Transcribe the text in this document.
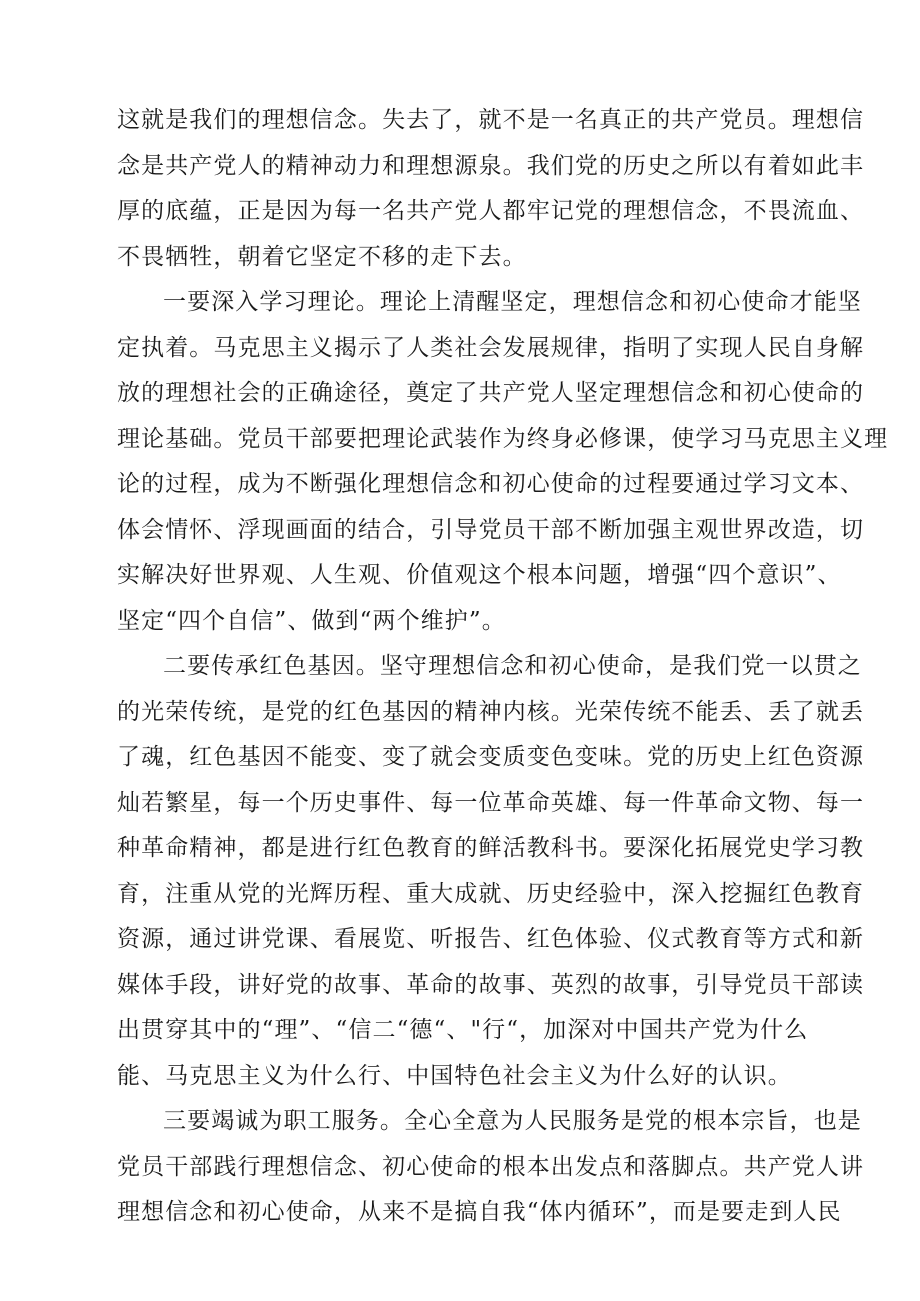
这就是我们的理想信念。失去了，就不是一名真正的共产党员。理想信
念是共产党人的精神动力和理想源泉。我们党的历史之所以有着如此丰
厚的底蕴，正是因为每一名共产党人都牢记党的理想信念，不畏流血、
不畏牺牲，朝着它坚定不移的走下去。
一要深入学习理论。理论上清醒坚定，理想信念和初心使命才能坚
定执着。马克思主义揭示了人类社会发展规律，指明了实现人民自身解
放的理想社会的正确途径，奠定了共产党人坚定理想信念和初心使命的
理论基础。党员干部要把理论武装作为终身必修课，使学习马克思主义理
论的过程，成为不断强化理想信念和初心使命的过程要通过学习文本、
体会情怀、浮现画面的结合，引导党员干部不断加强主观世界改造，切
实解决好世界观、人生观、价值观这个根本问题，增强“四个意识”、
坚定“四个自信”、做到“两个维护”。
二要传承红色基因。坚守理想信念和初心使命，是我们党一以贯之
的光荣传统，是党的红色基因的精神内核。光荣传统不能丢、丢了就丢
了魂，红色基因不能变、变了就会变质变色变味。党的历史上红色资源
灿若繁星，每一个历史事件、每一位革命英雄、每一件革命文物、每一
种革命精神，都是进行红色教育的鲜活教科书。要深化拓展党史学习教
育，注重从党的光辉历程、重大成就、历史经验中，深入挖掘红色教育
资源，通过讲党课、看展览、听报告、红色体验、仪式教育等方式和新
媒体手段，讲好党的故事、革命的故事、英烈的故事，引导党员干部读
出贯穿其中的“理”、“信二“德“、"行“，加深对中国共产党为什么
能、马克思主义为什么行、中国特色社会主义为什么好的认识。
三要竭诚为职工服务。全心全意为人民服务是党的根本宗旨，也是
党员干部践行理想信念、初心使命的根本出发点和落脚点。共产党人讲
理想信念和初心使命，从来不是搞自我“体内循环”，而是要走到人民
